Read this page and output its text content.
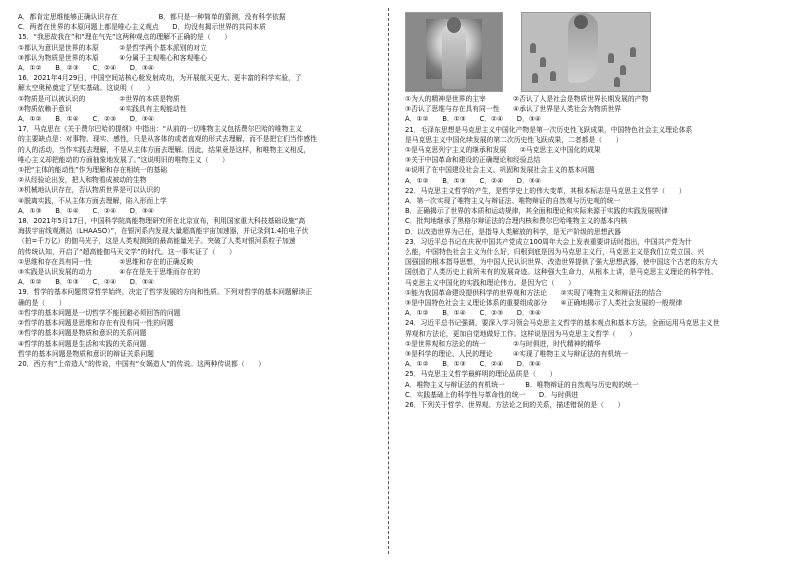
A．都肯定思维能够正确认识存在　　　　　　B．都只是一种简单的猜测，没有科学依据
C．两者在世界的本原问题上都是唯心主义观点　　D．均没有揭示世界的共同本质
15．“我思故我在”和“理在气先”这两种观点的理解不正确的是（　　）
①都认为意识是世界的本原　　　②是哲学两个基本派别的对立
③都认为物质是世界的本原　　　④分属于主观唯心和客观唯心
A．①②　　B．②③　　C．②④　　D．③④
16．2021年4月29日，中国空间站核心舱发射成功，为开展航天更大、更丰富的科学实验，了
解太空奥秘奠定了坚实基础。这说明（　　）
①物质是可以被认识的　　　　　②世界的本质是物质
③物质依赖于意识　　　　　　　④实践具有主观能动性
A．①②　　B．①④　　C．②③　　D．③④
17．马克思在《关于费尔巴哈的提纲》中指出：“从前的一切唯物主义包括费尔巴哈的唯物主义
的主要缺点是：对事物、现实、感性，只是从客体的或者直观的形式去理解，而不是把它们当作感性
的人的活动，当作实践去理解，不是从主体方面去理解。因此，结果竟是这样，和唯物主义相反，
唯心主义却把能动的方面抽象地发展了。”这说明旧的唯物主义（　　）
①把“主体的能动性”作为理解和存在相统一的基础
②从经验论出发，把人和物看成被动的生物
③机械地认识存在，否认物质世界是可以认识的
④脱离实践，不从主体方面去理解，陷入形而上学
A．①③　　B．①④　　C．②④　　D．③④
18．2021年5月17日，中国科学院高能物理研究所在北京宣布，利用国家重大科技基础设施“高
海拔宇宙线观测站（LHAASO）”，在银河系内发现大量超高能宇宙加速器，并记录到1.4拍电子伏
（拍=千万亿）的伽马光子，这是人类观测到的最高能量光子。突破了人类对银河系粒子加速
的传统认知，开启了“超高能伽马天文学”的时代。这一事实证了（　　）
①思维和存在具有同一性　　　　②思维和存在的正确反映
③实践是认识发展的动力　　　　④存在是先于思维而存在的
A．①②　　B．①③　　C．②④　　D．③④
19．哲学的基本问题贯穿哲学始终，决定了哲学发展的方向和性质。下列对哲学的基本问题解读正
确的是（　　）
①哲学的基本问题是一切哲学不能回避必须回答的问题
②哲学的基本问题是思维和存在有没有同一性的问题
③哲学的基本问题是物质和意识的关系问题
④哲学的基本问题是生活和实践的关系问题
哲学的基本问题是物质和意识的辩证关系问题
20．西方有“上帝造人”的传说，中国有“女娲造人”的传说。这两种传说都（　　）
①为人的精神是世界的主宰　　　　②否认了人是社会是物质世界长期发展的产物
③否认了思维与存在具有同一性　　④承认了世界是人类社会为物质世界
A．①②　　B．①③　　C．②④　　D．③④
21．毛泽东思想是马克思主义中国化产物是第一次历史性飞跃成果，中国特色社会主义理论体系
是马克思主义中国化续发展的第二次历史性飞跃成果，二者都是（　　）
①是马克思列宁主义的继承和发展　　②马克思主义中国化的成果
③关于中国革命和建设的正确理论和经验总结
④说明了在中国建设社会主义、巩固和发展社会主义的基本问题
A．①②　　B．①③　　C．②④　　D．③④
22．马克思主义哲学的产生，是哲学史上的伟大变革，其根本标志是马克思主义哲学（　　）
A．第一次实现了唯物主义与辩证法、唯物辩证的自然观与历史观的统一
B．正确揭示了世界的本质和运动规律，其全面和理论和实际来源于实践的实践发展规律
C．批判地继承了黑格尔辩证法的合理内核和费尔巴哈唯物主义的基本内核
D．以改造世界为己任，是指导人类解放的科学，是无产阶级的思想武器
23．习近平总书记在庆祝中国共产党成立100周年大会上发表重要讲话时指出，中国共产党为什
么能，中国特色社会主义为什么好，归根到底是因为马克思主义行，马克思主义是我们立党立国、兴
国强国的根本指导思想，为中国人民认识世界、改造世界提供了强大思想武器，使中国这个古老的东方大
国创造了人类历史上前所未有的发展奇迹。这种强大生命力，从根本上讲，是马克思主义理论的科学性、
马克思主义中国化的实践和理论伟力。是因为它（　　）
①能为我国革命建设提供科学的世界观和方法论　　②实现了唯物主义和辩证法的结合
③是中国特色社会主义理论体系的重要组成部分　　④正确地揭示了人类社会发展的一般规律
A．①②　　B．①④　　C．②③　　D．③④
24．习近平总书记强调，要深入学习领会马克思主义哲学的基本观点和基本方法，全面运用马克思主义世
界观和方法论，更加自觉地做好工作。这样说是因为马克思主义哲学（　　）
①是世界观和方法论的统一　　　　②与时俱进，时代精神的精华
③是科学的理论、人民的理论　　　④实现了唯物主义与辩证法的有机统一
A．①②　　B．①③　　C．②④　　D．③④
25．马克思主义哲学最鲜明的理论品质是（　　）
A．唯物主义与辩证法的有机统一　　　B．唯物辩证的自然观与历史观的统一
C．实践基础上的科学性与革命性的统一　　D．与时俱进
26．下列关于哲学、世界观、方法论之间的关系，描述错误的是（　　）
